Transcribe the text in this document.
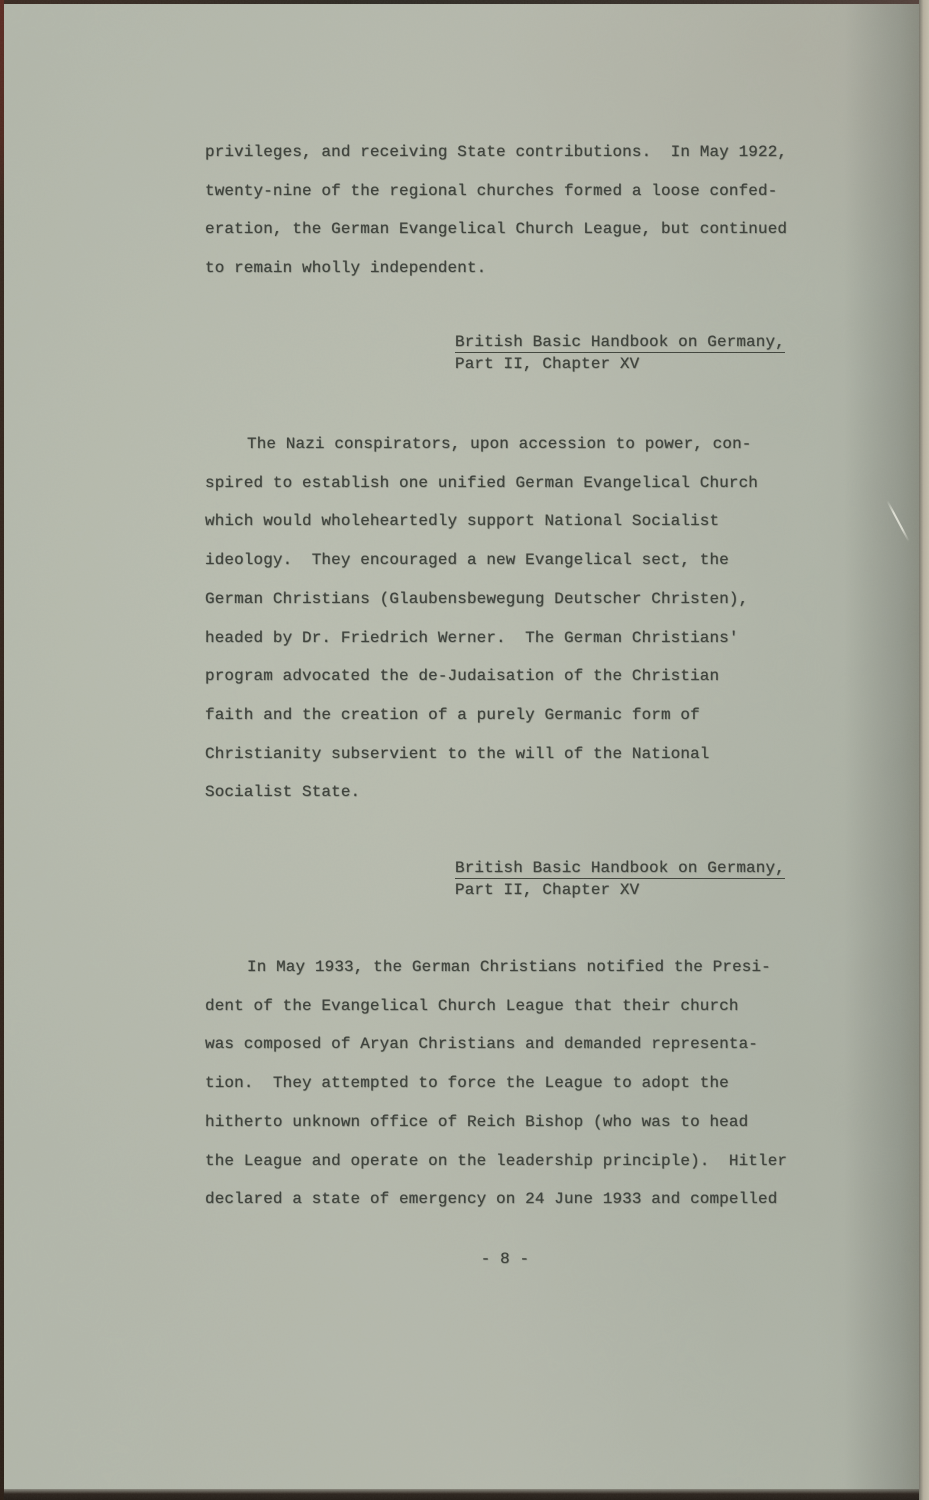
privileges, and receiving State contributions.  In May 1922,
twenty-nine of the regional churches formed a loose confed-
eration, the German Evangelical Church League, but continued
to remain wholly independent.
British Basic Handbook on Germany,
Part II, Chapter XV
The Nazi conspirators, upon accession to power, con-
spired to establish one unified German Evangelical Church
which would wholeheartedly support National Socialist
ideology.  They encouraged a new Evangelical sect, the
German Christians (Glaubensbewegung Deutscher Christen),
headed by Dr. Friedrich Werner.  The German Christians'
program advocated the de-Judaisation of the Christian
faith and the creation of a purely Germanic form of
Christianity subservient to the will of the National
Socialist State.
British Basic Handbook on Germany,
Part II, Chapter XV
In May 1933, the German Christians notified the Presi-
dent of the Evangelical Church League that their church
was composed of Aryan Christians and demanded representa-
tion.  They attempted to force the League to adopt the
hitherto unknown office of Reich Bishop (who was to head
the League and operate on the leadership principle).  Hitler
declared a state of emergency on 24 June 1933 and compelled
- 8 -
